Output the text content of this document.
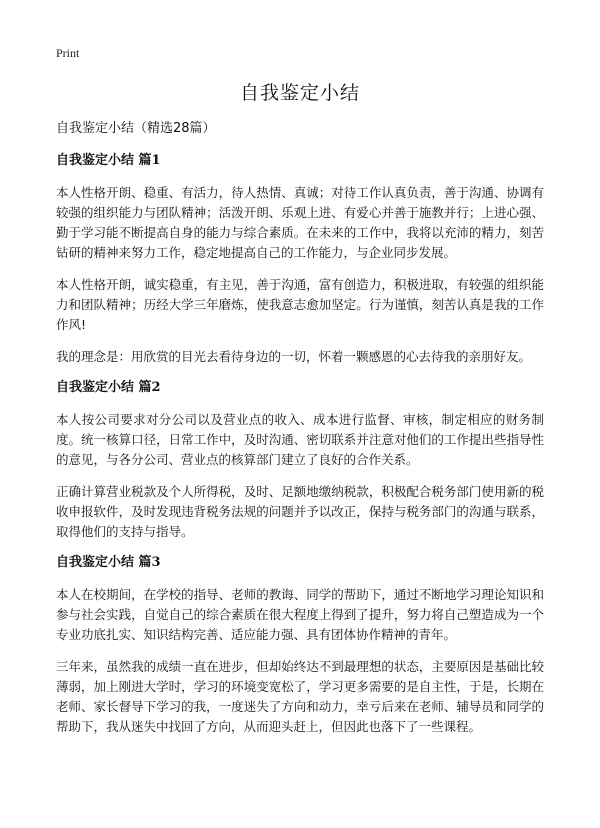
Print
自我鉴定小结

自我鉴定小结（精选28篇）

自我鉴定小结 篇1

本人性格开朗、稳重、有活力，待人热情、真诚；对待工作认真负责，善于沟通、协调有较强的组织能力与团队精神；活泼开朗、乐观上进、有爱心并善于施教并行；上进心强、勤于学习能不断提高自身的能力与综合素质。在未来的工作中，我将以充沛的精力，刻苦钻研的精神来努力工作，稳定地提高自己的工作能力，与企业同步发展。

本人性格开朗，诚实稳重，有主见，善于沟通，富有创造力，积极进取，有较强的组织能力和团队精神；历经大学三年磨炼，使我意志愈加坚定。行为谨慎，刻苦认真是我的工作作风!

我的理念是：用欣赏的目光去看待身边的一切，怀着一颗感恩的心去待我的亲朋好友。

自我鉴定小结 篇2

本人按公司要求对分公司以及营业点的收入、成本进行监督、审核，制定相应的财务制度。统一核算口径，日常工作中，及时沟通、密切联系并注意对他们的工作提出些指导性的意见，与各分公司、营业点的核算部门建立了良好的合作关系。

正确计算营业税款及个人所得税，及时、足额地缴纳税款，积极配合税务部门使用新的税收申报软件，及时发现违背税务法规的问题并予以改正，保持与税务部门的沟通与联系，取得他们的支持与指导。

自我鉴定小结 篇3

本人在校期间，在学校的指导、老师的教诲、同学的帮助下，通过不断地学习理论知识和参与社会实践，自觉自己的综合素质在很大程度上得到了提升，努力将自己塑造成为一个专业功底扎实、知识结构完善、适应能力强、具有团体协作精神的青年。

三年来，虽然我的成绩一直在进步，但却始终达不到最理想的状态，主要原因是基础比较薄弱，加上刚进大学时，学习的环境变宽松了，学习更多需要的是自主性，于是，长期在老师、家长督导下学习的我，一度迷失了方向和动力，幸亏后来在老师、辅导员和同学的帮助下，我从迷失中找回了方向，从而迎头赶上，但因此也落下了一些课程。
